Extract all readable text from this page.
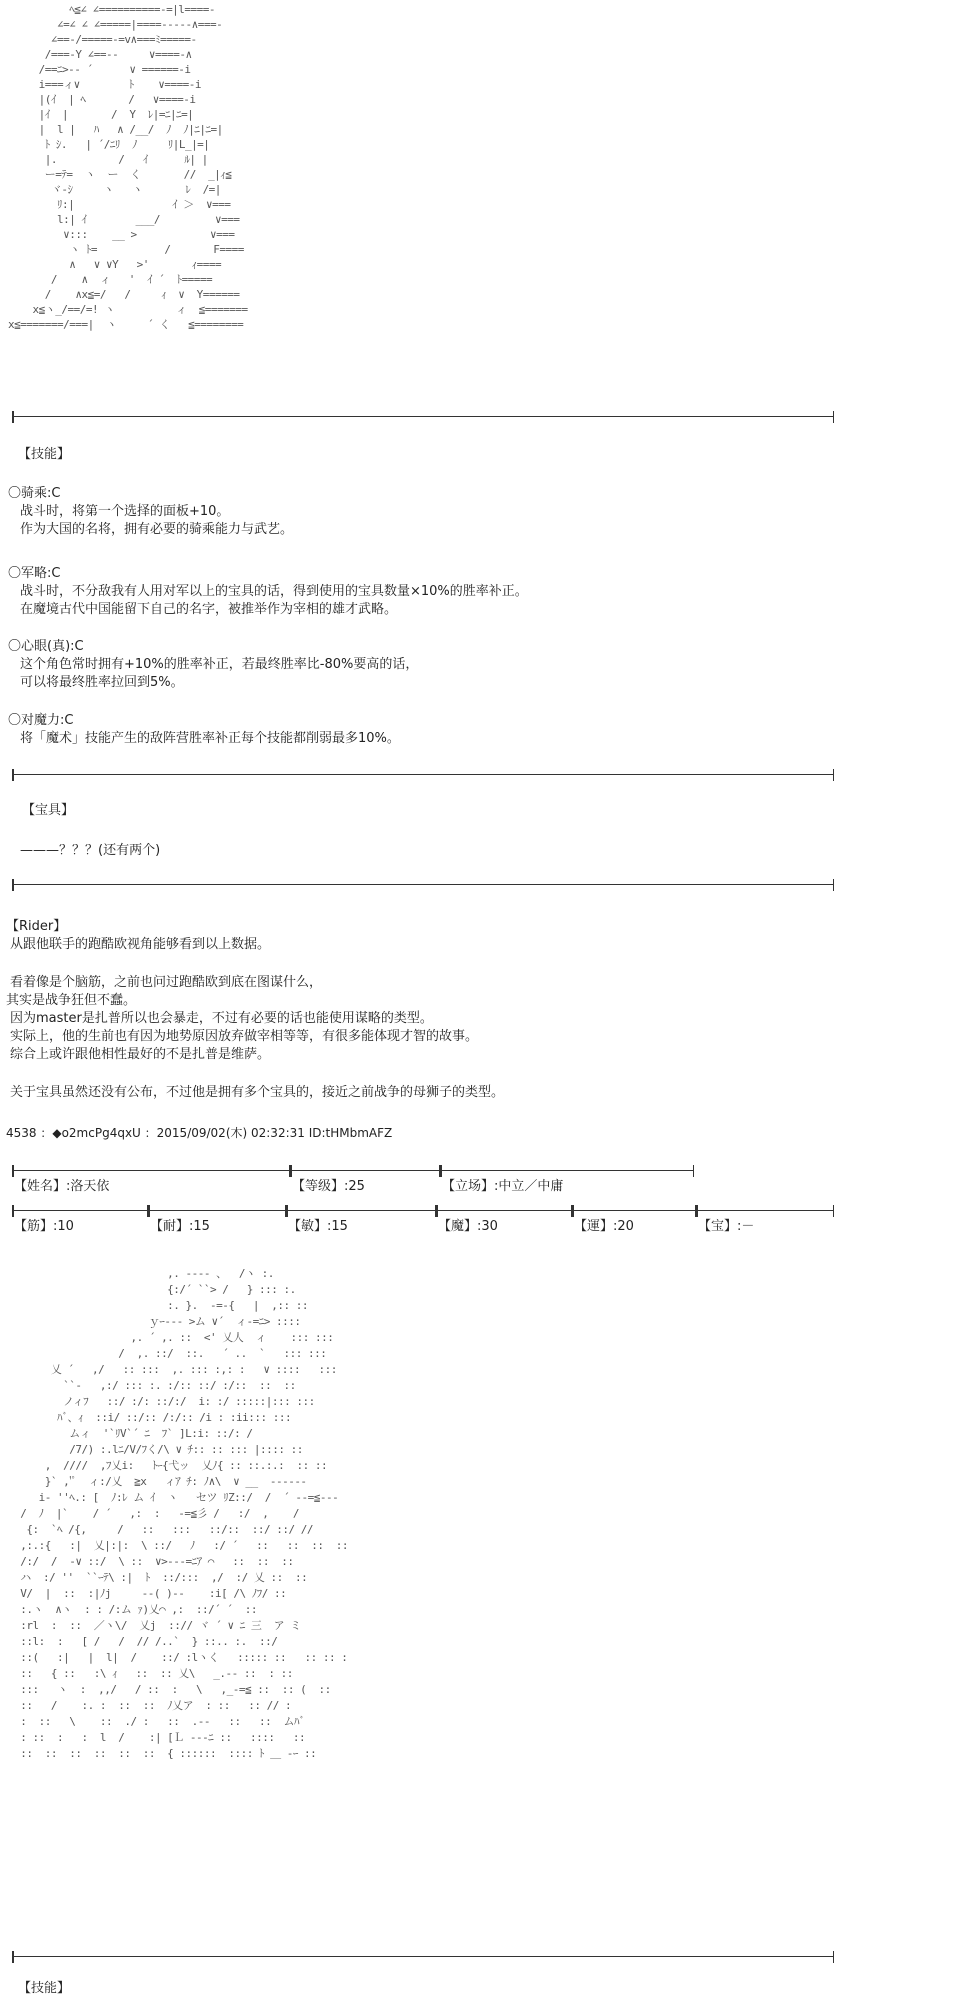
ﾍ≦∠ ∠==========-=|l====-
∠=∠ ∠ ∠=====|====-----∧===-
∠==-/=====-=v∧===ﾐ=====-
/===-Y ∠==--     ∨====-∧
/==ﾆ>-- ´      ∨ ======-i
i===ィ∨        ﾄ    ∨====-i
|(ｲ  | ﾍ       /   ∨====-i
|ｲ  |       /  Y  ﾚ|=ﾆ|ﾆ=|
|  l |   ﾊ   ∧ /__/  ﾉ  ﾉ|ﾆ|ﾆ=|
ﾄ ｼ.   | ´/ﾆﾘ  ﾉ     ﾘ|L_|=|
|.          /   ｲ      ﾙ| |
ー=ﾃ=  ヽ  ー  く       //  _|ｨ≦
ヾ-ｼ     ヽ   ヽ       ﾚ  /=|
ﾘ:|                ｲ ＞  ∨===
l:| ｲ        ___/         ∨===
∨:::    __ >            ∨===
ヽ ﾄ=           /       F====
∧   ∨ ∨Y   >'       ｨ====
/    ∧  ィ   '  ｲ ´  ﾄ=====
/    ∧x≦=/   /     ｨ  ∨  Y======
x≦ヽ_/==/=! ヽ          ィ  ≦=======
x≦=======/===|  ヽ     ´ く   ≦========
【技能】
〇骑乘:C
战斗时，将第一个选择的面板+10。
作为大国的名将，拥有必要的骑乘能力与武艺。
〇军略:C
战斗时，不分敌我有人用对军以上的宝具的话，得到使用的宝具数量×10%的胜率补正。
在魔境古代中国能留下自己的名字，被推举作为宰相的雄才武略。
〇心眼(真):C
这个角色常时拥有+10%的胜率补正，若最终胜率比-80%要高的话，
可以将最终胜率拉回到5%。
〇对魔力:C
将「魔术」技能产生的敌阵营胜率补正每个技能都削弱最多10%。
【宝具】
———？？？(还有两个)
【Rider】
从跟他联手的跑酷欧视角能够看到以上数据。
看着像是个脑筋，之前也问过跑酷欧到底在图谋什么，
其实是战争狂但不蠢。
因为master是扎普所以也会暴走，不过有必要的话也能使用谋略的类型。
实际上，他的生前也有因为地势原因放弃做宰相等等，有很多能体现才智的故事。
综合上或许跟他相性最好的不是扎普是维萨。
关于宝具虽然还没有公布，不过他是拥有多个宝具的，接近之前战争的母狮子的类型。
4538 ：◆o2mcPg4qxU ：2015/09/02(木) 02:32:31 ID:tHMbmAFZ
【姓名】:洛天依	【等级】:25	【立场】:中立／中庸
【筋】:10	【耐】:15	【敏】:15	【魔】:30	【運】:20	【宝】:－
,. ---- 、  /ヽ :.
{:/´ ``> /   } ::: :.
:. }.  -=‐{   |  ,:: ::
ｙｰ--- >ム ∨´  ィ-=ﾆ> ::::
,. ´ ,. ::  <' 乂人  ィ    ::: :::
/  ,. ::/  ::.   ´ ..  `   ::: :::
乂 ´   ,/   :: :::  ,. ::: :,: :   ∨ ::::   :::
``‐   ,:/ ::: :. :/:: ::/ :/::  ::  ::
ノィﾌ   ::/ :/: ::/:/  i: :/ :::::|::: :::
ﾊﾞ、ｨ  ::i/ ::/:: /:/:: /i : :ii::: :::
ムィ  '`ﾘV`´ ﾆ  ﾌ` ]L:i: ::/: /
/7/) :.lﾆ/V/ﾌく/\ ∨ ﾁ:: :: ::: |:::: ::
,  ////  ,ﾌ乂i:   ﾄｰ{弋ッ  乂ﾉ{ :: ::.:.:  :: ::
}` ,'ﾟ  ィ:/乂  ≧x   ィｱ ﾁ: ﾉ∧\  ∨ __  ------
i- ''ﾍ.: [  ﾉ:ﾚ ム ｲ  ヽ   セツ ﾘZ::/  /  ´ --=≦---
/  ﾉ  |`    / ´   ,:  :   -=≦彡 /   :/  ,    /
{:  `ﾍ /{,     /   ::   :::   ::/::  ::/ ::/ //
,:.:{   :|  乂|:|:  \ ::/   ﾉ   :/ ´   ::   ::  ::  ::
/:/  /  -∨ ::/  \ ::  ∨>---=ﾆｱ ⌒   ::  ::  ::
ハ  :/ ''  ``ｰﾃ\ :|  ﾄ  ::/:::  ,/  :/ 乂 ::  ::
V/  |  ::  :|ﾉj     --( )--    :i[ /\ ﾉﾌ/ ::
:.ヽ  ∧ヽ  : : /:ム ｧ)乂⌒ ,:  ::/´ ´  ::
:rl  :  ::  ／ヽ\/  乂j  ::// ヾ ´ ∨ ﾆ 三  ア ミ
::l:  :   [ /   /  // /..`  } ::.. :.  ::/
::(   :|   |  l|  /    ::/ :lヽく   ::::: ::   :: :: :
::   { ::   :\ ｨ   ::  :: 乂\   _.-- ::  : ::
:::   ヽ  :  ,,/   / ::  :   \   ,_-=≦ ::  :: (  ::
::   /    :. :  ::  ::  ﾉ乂ア  : ::   :: // :
:  ::   \    ::  ./ :   ::  .--   ::   ::  ムﾊﾞ
: ::  :   :  l  /    :| [Ｌ ---ﾆ ::   ::::   ::
::  ::  ::  ::  ::  ::  { ::::::  :::: ﾄ ＿ -ｰ ::
【技能】
